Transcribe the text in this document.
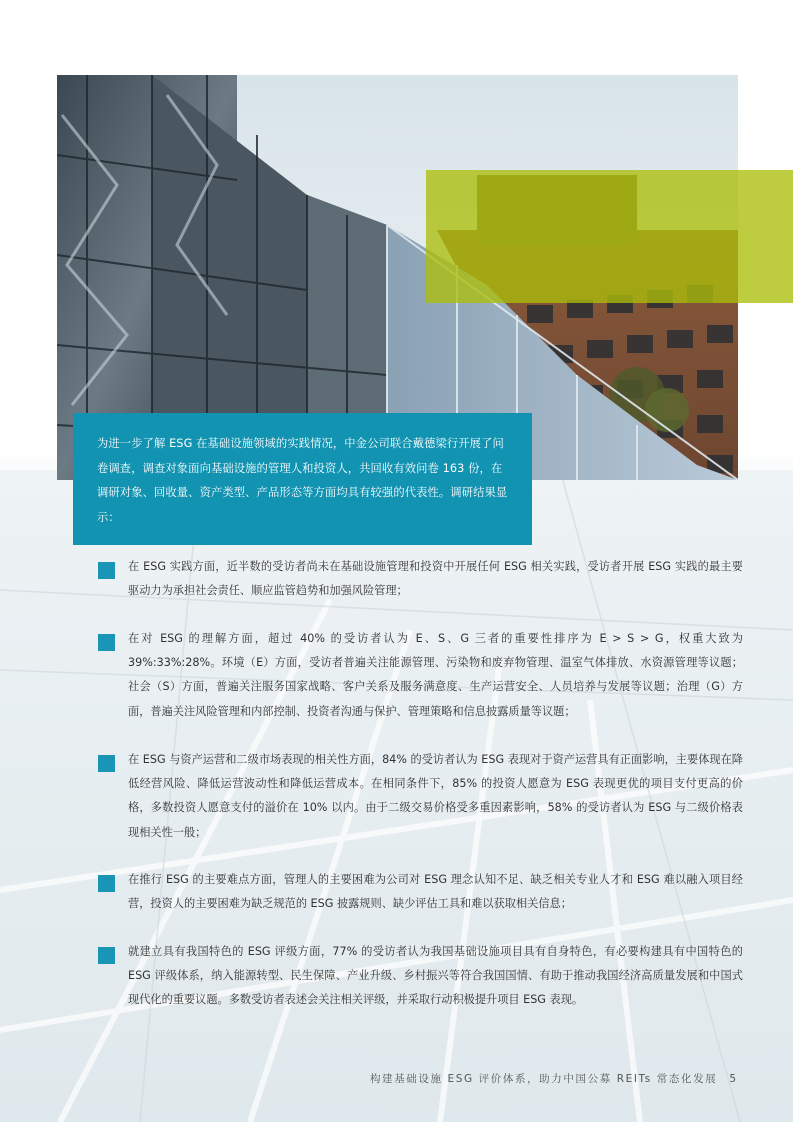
为进一步了解 ESG 在基础设施领域的实践情况，中金公司联合戴德梁行开展了问卷调查，调查对象面向基础设施的管理人和投资人，共回收有效问卷 163 份，在调研对象、回收量、资产类型、产品形态等方面均具有较强的代表性。调研结果显示：
在 ESG 实践方面，近半数的受访者尚未在基础设施管理和投资中开展任何 ESG 相关实践，受访者开展 ESG 实践的最主要驱动力为承担社会责任、顺应监管趋势和加强风险管理；
在对 ESG 的理解方面，超过 40% 的受访者认为 E、S、G 三者的重要性排序为 E > S > G，权重大致为 39%:33%:28%。环境（E）方面，受访者普遍关注能源管理、污染物和废弃物管理、温室气体排放、水资源管理等议题；社会（S）方面，普遍关注服务国家战略、客户关系及服务满意度、生产运营安全、人员培养与发展等议题；治理（G）方面，普遍关注风险管理和内部控制、投资者沟通与保护、管理策略和信息披露质量等议题；
在 ESG 与资产运营和二级市场表现的相关性方面，84% 的受访者认为 ESG 表现对于资产运营具有正面影响，主要体现在降低经营风险、降低运营波动性和降低运营成本。在相同条件下，85% 的投资人愿意为 ESG 表现更优的项目支付更高的价格，多数投资人愿意支付的溢价在 10% 以内。由于二级交易价格受多重因素影响，58% 的受访者认为 ESG 与二级价格表现相关性一般；
在推行 ESG 的主要难点方面，管理人的主要困难为公司对 ESG 理念认知不足、缺乏相关专业人才和 ESG 难以融入项目经营，投资人的主要困难为缺乏规范的 ESG 披露规则、缺少评估工具和难以获取相关信息；
就建立具有我国特色的 ESG 评级方面，77% 的受访者认为我国基础设施项目具有自身特色，有必要构建具有中国特色的 ESG 评级体系，纳入能源转型、民生保障、产业升级、乡村振兴等符合我国国情、有助于推动我国经济高质量发展和中国式现代化的重要议题。多数受访者表述会关注相关评级，并采取行动积极提升项目 ESG 表现。
构建基础设施 ESG 评价体系，助力中国公募 REITs 常态化发展 5
